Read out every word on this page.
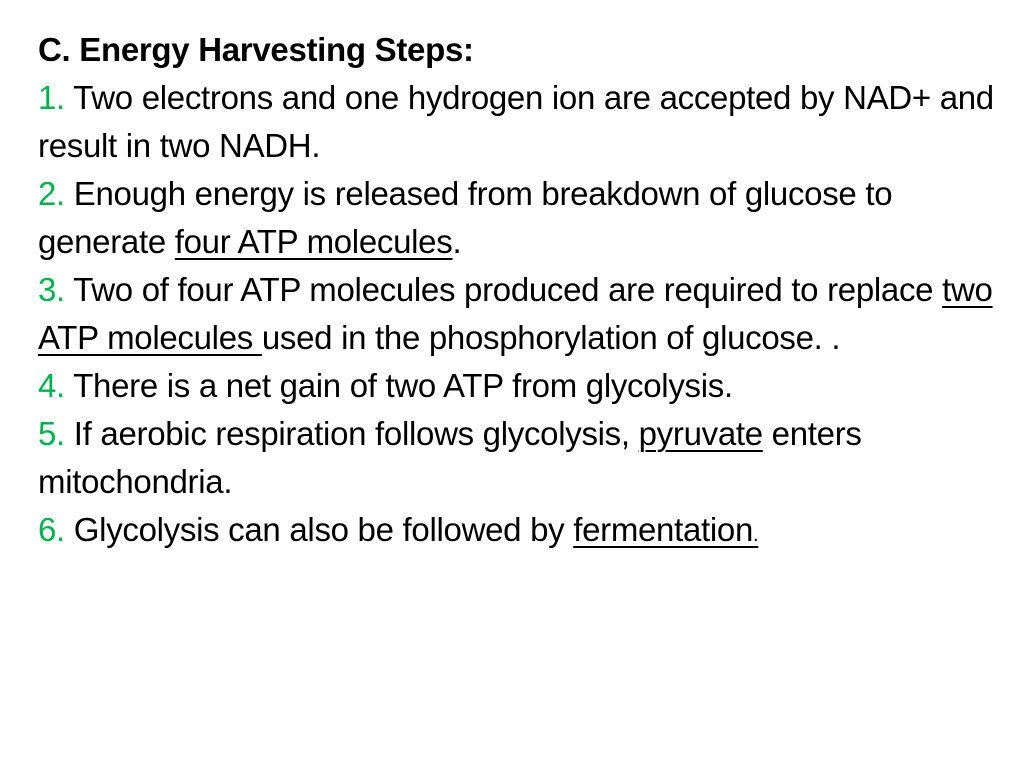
C. Energy Harvesting Steps:
1. Two electrons and one hydrogen ion are accepted by NAD+ and result in two NADH.
2. Enough energy is released from breakdown of glucose to generate four ATP molecules.
3. Two of four ATP molecules produced are required to replace two ATP molecules used in the phosphorylation of glucose. .
4. There is a net gain of two ATP from glycolysis.
5. If aerobic respiration follows glycolysis, pyruvate enters mitochondria.
6. Glycolysis can also be followed by fermentation.
